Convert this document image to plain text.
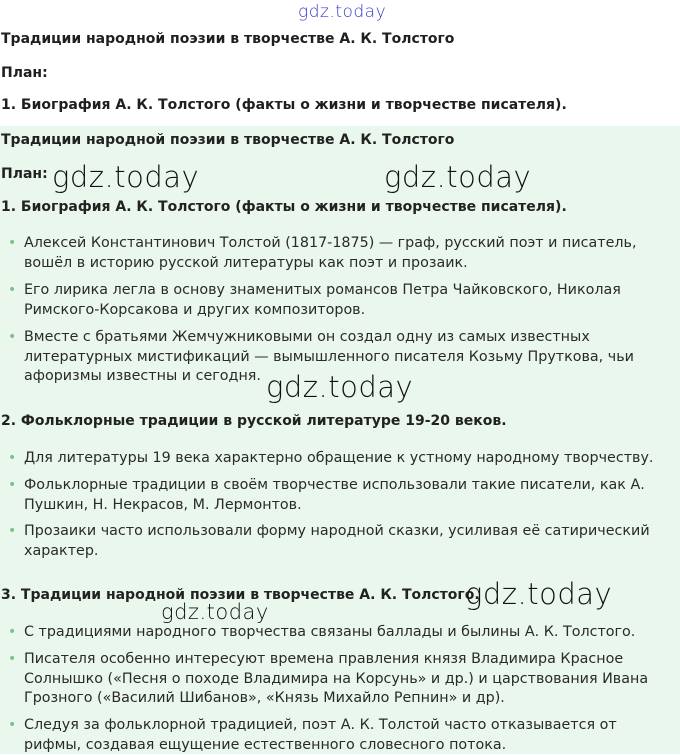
Традиции народной поэзии в творчестве А. К. Толстого
План:
1. Биография А. К. Толстого (факты о жизни и творчестве писателя).
Традиции народной поэзии в творчестве А. К. Толстого
План:
1. Биография А. К. Толстого (факты о жизни и творчестве писателя).
• Алексей Константинович Толстой (1817-1875) — граф, русский поэт и писатель, вошёл в историю русской литературы как поэт и прозаик.
• Его лирика легла в основу знаменитых романсов Петра Чайковского, Николая Римского-Корсакова и других композиторов.
• Вместе с братьями Жемчужниковыми он создал одну из самых известных литературных мистификаций — вымышленного писателя Козьму Пруткова, чьи афоризмы известны и сегодня.
2. Фольклорные традиции в русской литературе 19-20 веков.
• Для литературы 19 века характерно обращение к устному народному творчеству.
• Фольклорные традиции в своём творчестве использовали такие писатели, как А. Пушкин, Н. Некрасов, М. Лермонтов.
• Прозаики часто использовали форму народной сказки, усиливая её сатирический характер.
3. Традиции народной поэзии в творчестве А. К. Толстого.
• С традициями народного творчества связаны баллады и былины А. К. Толстого.
• Писателя особенно интересуют времена правления князя Владимира Красное Солнышко («Песня о походе Владимира на Корсунь» и др.) и царствования Ивана Грозного («Василий Шибанов», «Князь Михайло Репнин» и др).
• Следуя за фольклорной традицией, поэт А. К. Толстой часто отказывается от рифмы, создавая ещущение естественного словесного потока.
gdz.today
gdz.today	gdz.today
gdz.today
gdz.today
gdz.today
